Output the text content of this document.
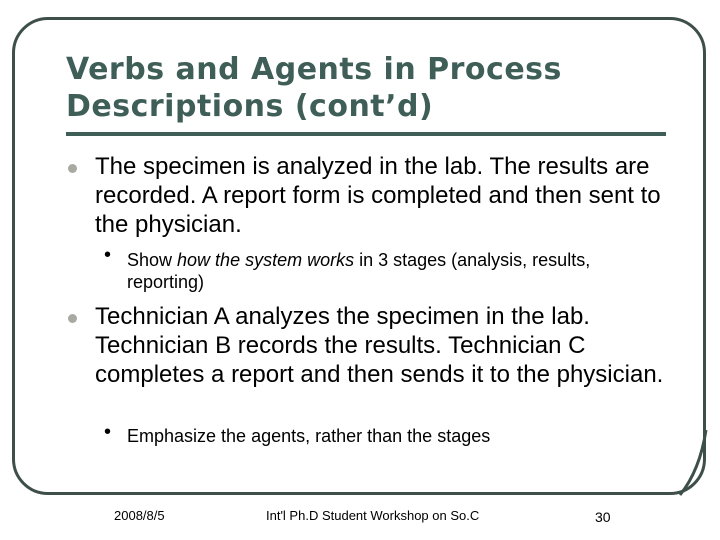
Verbs and Agents in Process Descriptions (cont’d)
The specimen is analyzed in the lab. The results are recorded. A report form is completed and then sent to the physician.
• Show how the system works in 3 stages (analysis, results, reporting)
Technician A analyzes the specimen in the lab. Technician B records the results. Technician C completes a report and then sends it to the physician.
• Emphasize the agents, rather than the stages
2008/8/5	Int'l Ph.D Student Workshop on So.C	30
